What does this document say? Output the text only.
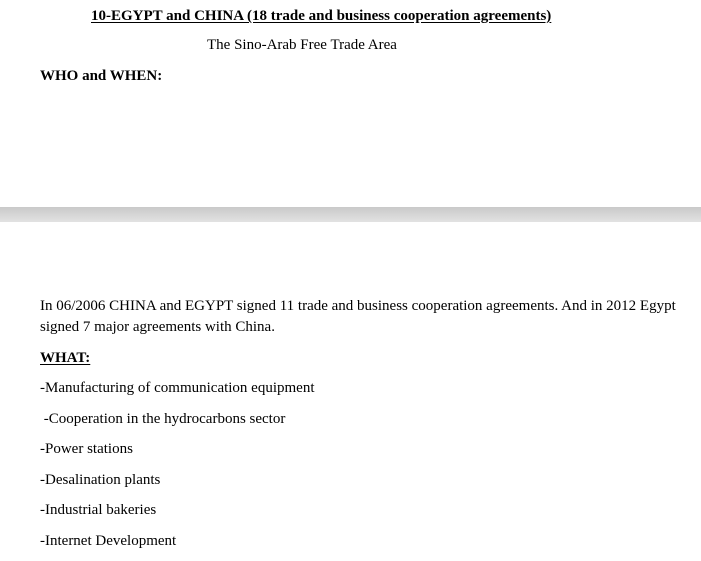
10-EGYPT and CHINA (18 trade and business cooperation agreements)
The Sino-Arab Free Trade Area
WHO and WHEN:
In 06/2006 CHINA and EGYPT signed 11 trade and business cooperation agreements. And in 2012 Egypt signed 7 major agreements with China.
WHAT:
-Manufacturing of communication equipment
-Cooperation in the hydrocarbons sector
-Power stations
-Desalination plants
-Industrial bakeries
-Internet Development
